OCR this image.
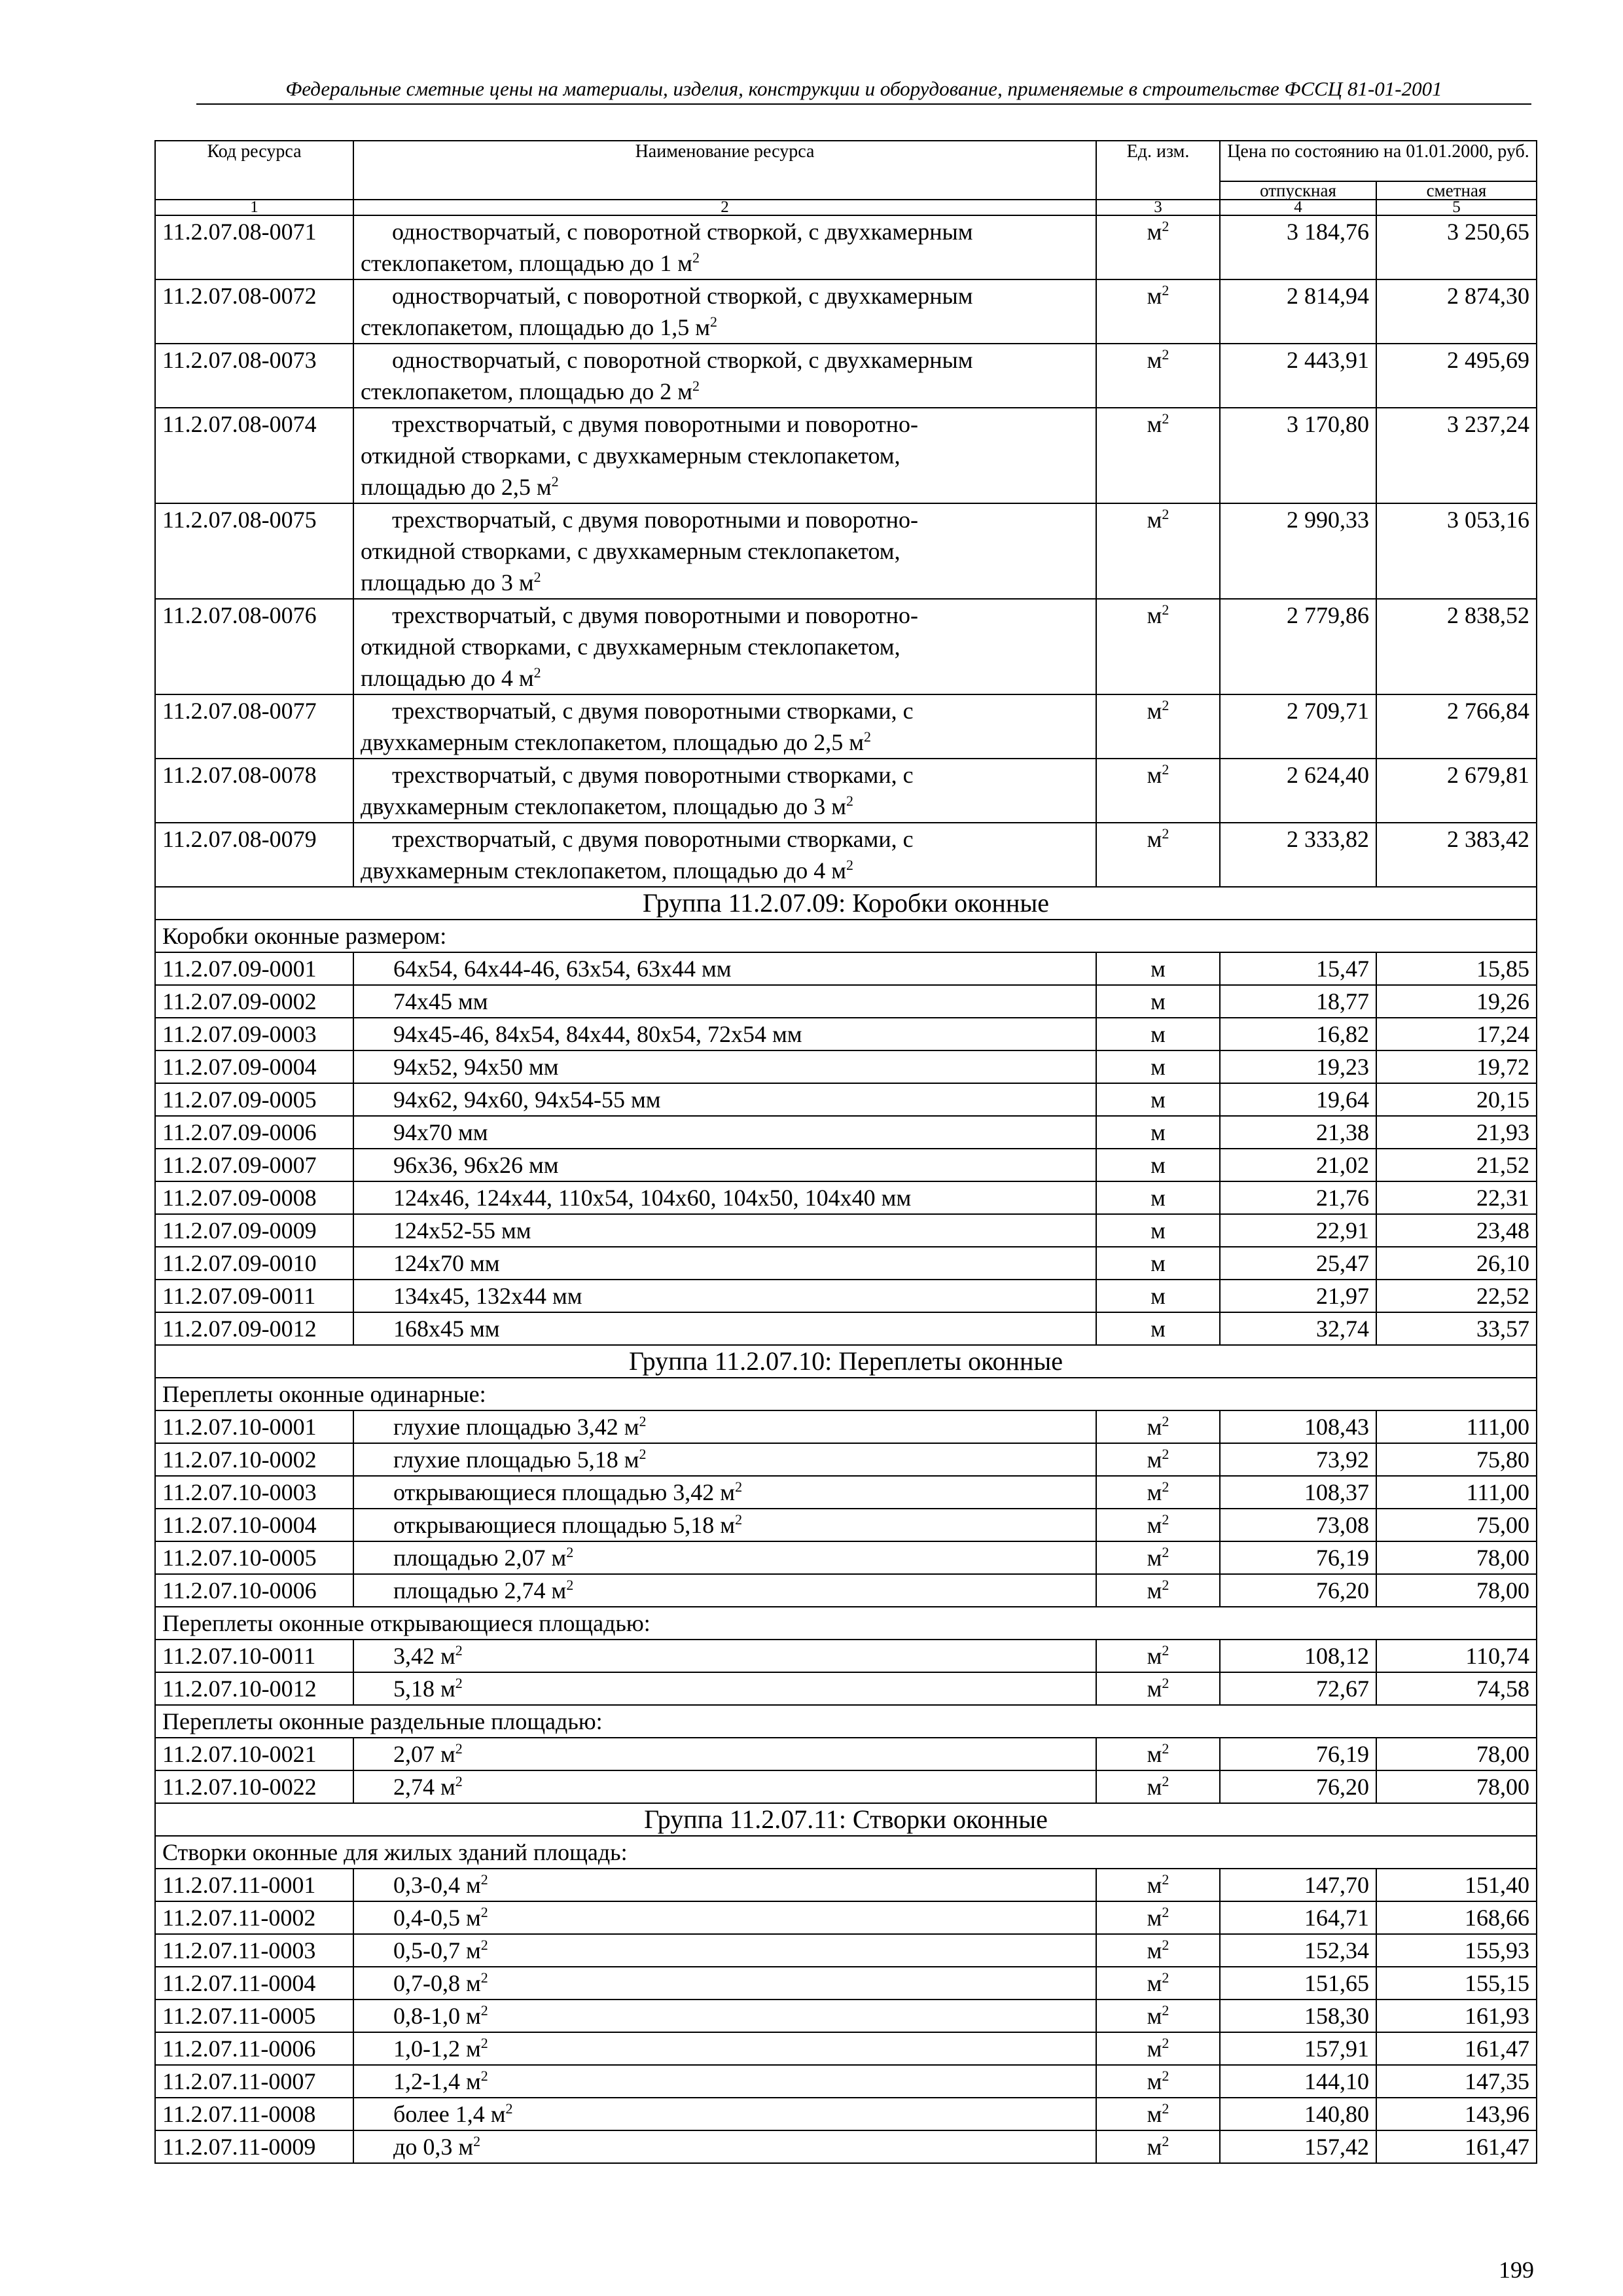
Федеральные сметные цены на материалы, изделия, конструкции и оборудование, применяемые в строительстве ФССЦ 81-01-2001
Код ресурса	Наименование ресурса	Ед. изм.	Цена по состоянию на 01.01.2000, руб.	
			отпускная	сметная
1	2	3	4	5
11.2.07.08-0071	одностворчатый, с поворотной створкой, с двухкамерным
стеклопакетом, площадью до 1 $м^2$	$м^2$	3 184,76	3 250,65
11.2.07.08-0072	одностворчатый, с поворотной створкой, с двухкамерным
стеклопакетом, площадью до 1,5 $м^2$	$м^2$	2 814,94	2 874,30
11.2.07.08-0073	одностворчатый, с поворотной створкой, с двухкамерным
стеклопакетом, площадью до 2 $м^2$	$м^2$	2 443,91	2 495,69
11.2.07.08-0074	трехстворчатый, с двумя поворотными и поворотно-
откидной створками, с двухкамерным стеклопакетом,
площадью до 2,5 $м^2$	$м^2$	3 170,80	3 237,24
11.2.07.08-0075	трехстворчатый, с двумя поворотными и поворотно-
откидной створками, с двухкамерным стеклопакетом,
площадью до 3 $м^2$	$м^2$	2 990,33	3 053,16
11.2.07.08-0076	трехстворчатый, с двумя поворотными и поворотно-
откидной створками, с двухкамерным стеклопакетом,
площадью до 4 $м^2$	$м^2$	2 779,86	2 838,52
11.2.07.08-0077	трехстворчатый, с двумя поворотными створками, с
двухкамерным стеклопакетом, площадью до 2,5 $м^2$	$м^2$	2 709,71	2 766,84
11.2.07.08-0078	трехстворчатый, с двумя поворотными створками, с
двухкамерным стеклопакетом, площадью до 3 $м^2$	$м^2$	2 624,40	2 679,81
11.2.07.08-0079	трехстворчатый, с двумя поворотными створками, с
двухкамерным стеклопакетом, площадью до 4 $м^2$	$м^2$	2 333,82	2 383,42
Группа 11.2.07.09: Коробки оконные				
Коробки оконные размером:				
11.2.07.09-0001	64х54, 64х44-46, 63х54, 63х44 мм	м	15,47	15,85
11.2.07.09-0002	74х45 мм	м	18,77	19,26
11.2.07.09-0003	94х45-46, 84х54, 84х44, 80х54, 72х54 мм	м	16,82	17,24
11.2.07.09-0004	94х52, 94х50 мм	м	19,23	19,72
11.2.07.09-0005	94х62, 94х60, 94х54-55 мм	м	19,64	20,15
11.2.07.09-0006	94х70 мм	м	21,38	21,93
11.2.07.09-0007	96х36, 96х26 мм	м	21,02	21,52
11.2.07.09-0008	124х46, 124х44, 110х54, 104х60, 104х50, 104х40 мм	м	21,76	22,31
11.2.07.09-0009	124х52-55 мм	м	22,91	23,48
11.2.07.09-0010	124х70 мм	м	25,47	26,10
11.2.07.09-0011	134х45, 132х44 мм	м	21,97	22,52
11.2.07.09-0012	168х45 мм	м	32,74	33,57
Группа 11.2.07.10: Переплеты оконные				
Переплеты оконные одинарные:				
11.2.07.10-0001	глухие площадью 3,42 $м^2$	$м^2$	108,43	111,00
11.2.07.10-0002	глухие площадью 5,18 $м^2$	$м^2$	73,92	75,80
11.2.07.10-0003	открывающиеся площадью 3,42 $м^2$	$м^2$	108,37	111,00
11.2.07.10-0004	открывающиеся площадью 5,18 $м^2$	$м^2$	73,08	75,00
11.2.07.10-0005	площадью 2,07 $м^2$	$м^2$	76,19	78,00
11.2.07.10-0006	площадью 2,74 $м^2$	$м^2$	76,20	78,00
Переплеты оконные открывающиеся площадью:				
11.2.07.10-0011	3,42 $м^2$	$м^2$	108,12	110,74
11.2.07.10-0012	5,18 $м^2$	$м^2$	72,67	74,58
Переплеты оконные раздельные площадью:				
11.2.07.10-0021	2,07 $м^2$	$м^2$	76,19	78,00
11.2.07.10-0022	2,74 $м^2$	$м^2$	76,20	78,00
Группа 11.2.07.11: Створки оконные				
Створки оконные для жилых зданий площадь:				
11.2.07.11-0001	0,3-0,4 $м^2$	$м^2$	147,70	151,40
11.2.07.11-0002	0,4-0,5 $м^2$	$м^2$	164,71	168,66
11.2.07.11-0003	0,5-0,7 $м^2$	$м^2$	152,34	155,93
11.2.07.11-0004	0,7-0,8 $м^2$	$м^2$	151,65	155,15
11.2.07.11-0005	0,8-1,0 $м^2$	$м^2$	158,30	161,93
11.2.07.11-0006	1,0-1,2 $м^2$	$м^2$	157,91	161,47
11.2.07.11-0007	1,2-1,4 $м^2$	$м^2$	144,10	147,35
11.2.07.11-0008	более 1,4 $м^2$	$м^2$	140,80	143,96
11.2.07.11-0009	до 0,3 $м^2$	$м^2$	157,42	161,47
199
